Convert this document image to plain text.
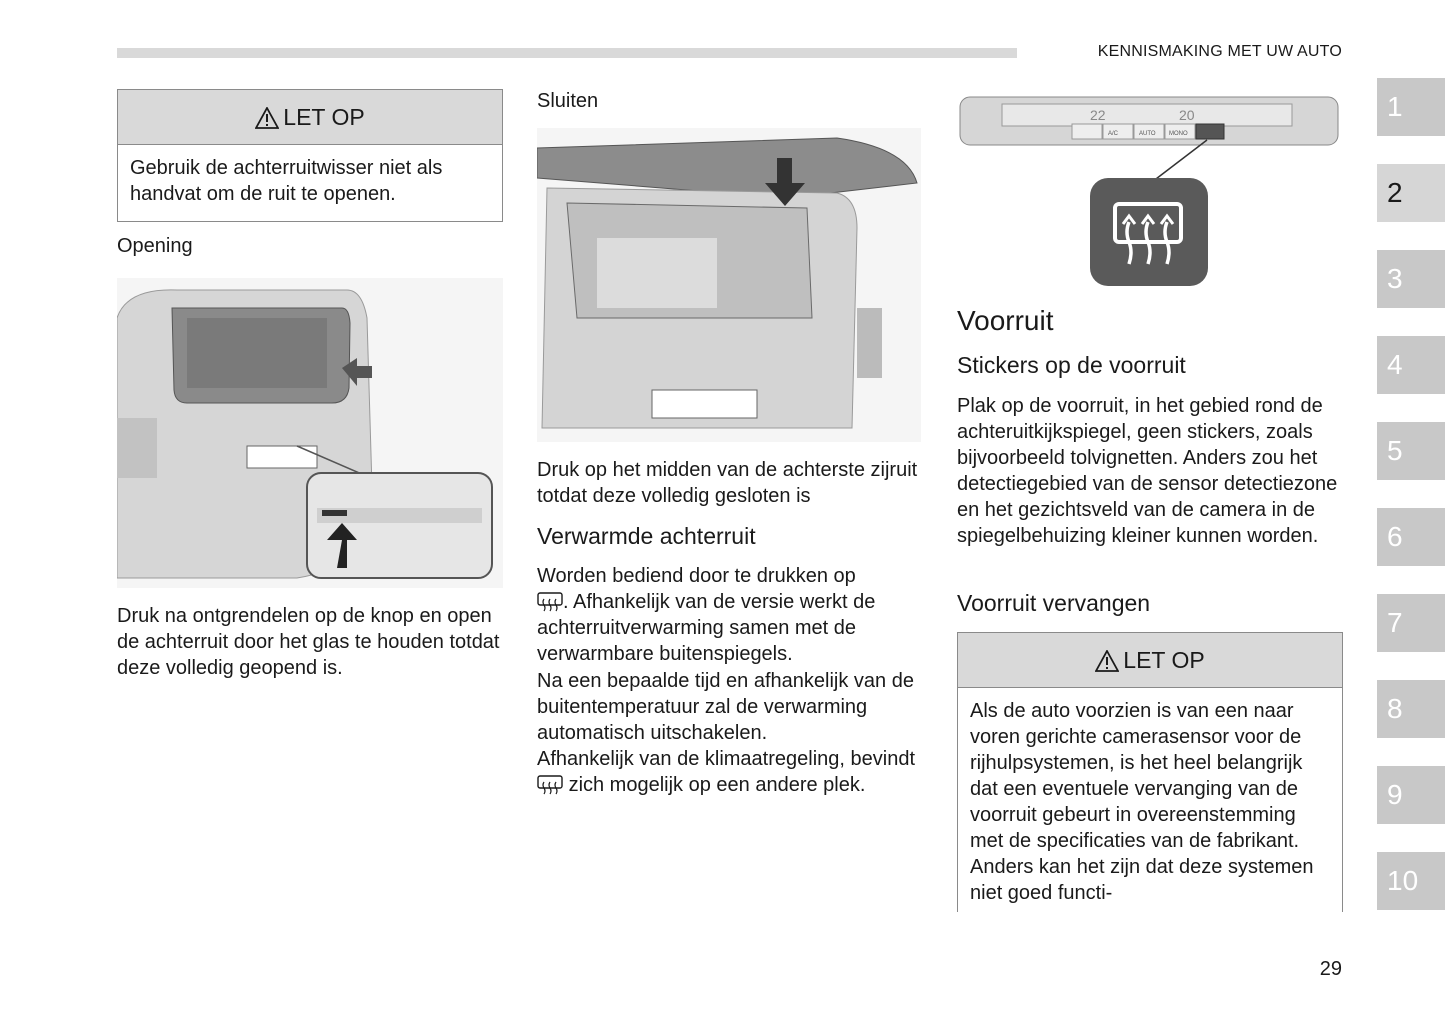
KENNISMAKING MET UW AUTO
1
2
3
4
5
6
7
8
9
10
LET OP
Gebruik de achterruitwisser niet als handvat om de ruit te openen.
Opening
Druk na ontgrendelen op de knop en open de achterruit door het glas te houden totdat deze volledig geopend is.
Sluiten
Druk op het midden van de achterste zijruit totdat deze volledig gesloten is
Verwarmde achterruit
Worden bediend door te drukken op
. Afhankelijk van de versie werkt de achterruitverwarming samen met de verwarmbare buitenspiegels.
Na een bepaalde tijd en afhankelijk van de buitentemperatuur zal de verwarming automatisch uitschakelen.
Afhankelijk van de klimaatregeling, bevindt  zich mogelijk op een andere plek.
22	20
A/C	AUTO MONO
Voorruit
Stickers op de voorruit
Plak op de voorruit, in het gebied rond de achteruitkijkspiegel, geen stickers, zoals bijvoorbeeld tolvignetten. Anders zou het detectiegebied van de sensor detectiezone en het gezichtsveld van de camera in de spiegelbehuizing kleiner kunnen worden.
Voorruit vervangen
LET OP
Als de auto voorzien is van een naar voren gerichte camerasensor voor de rijhulpsystemen, is het heel belangrijk dat een eventuele vervanging van de voorruit gebeurt in overeenstemming met de specificaties van de fabrikant. Anders kan het zijn dat deze systemen niet goed functi-
29
